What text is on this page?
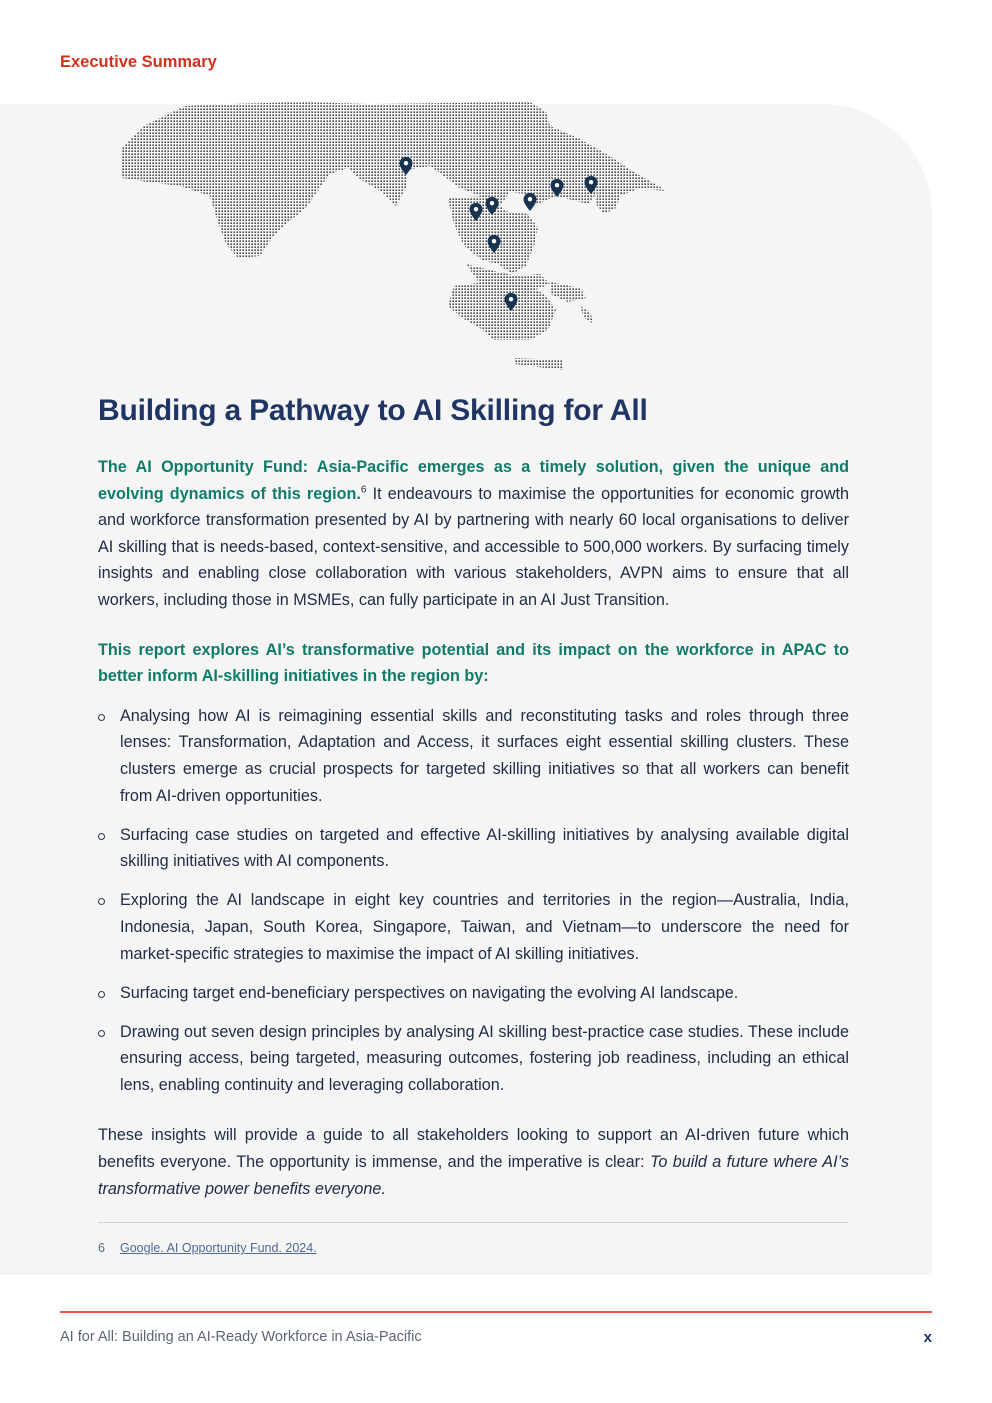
Executive Summary
Building a Pathway to AI Skilling for All

The AI Opportunity Fund: Asia-Pacific emerges as a timely solution, given the unique and evolving dynamics of this region.$^6$ It endeavours to maximise the opportunities for economic growth and workforce transformation presented by AI by partnering with nearly 60 local organisations to deliver AI skilling that is needs-based, context-sensitive, and accessible to 500,000 workers. By surfacing timely insights and enabling close collaboration with various stakeholders, AVPN aims to ensure that all workers, including those in MSMEs, can fully participate in an AI Just Transition.

This report explores AI’s transformative potential and its impact on the workforce in APAC to better inform AI-skilling initiatives in the region by:

Analysing how AI is reimagining essential skills and reconstituting tasks and roles through three lenses: Transformation, Adaptation and Access, it surfaces eight essential skilling clusters. These clusters emerge as crucial prospects for targeted skilling initiatives so that all workers can benefit from AI-driven opportunities.
Surfacing case studies on targeted and effective AI-skilling initiatives by analysing available digital skilling initiatives with AI components.
Exploring the AI landscape in eight key countries and territories in the region—Australia, India, Indonesia, Japan, South Korea, Singapore, Taiwan, and Vietnam—to underscore the need for market-specific strategies to maximise the impact of AI skilling initiatives.
Surfacing target end-beneficiary perspectives on navigating the evolving AI landscape.
Drawing out seven design principles by analysing AI skilling best-practice case studies. These include ensuring access, being targeted, measuring outcomes, fostering job readiness, including an ethical lens, enabling continuity and leveraging collaboration.

These insights will provide a guide to all stakeholders looking to support an AI-driven future which benefits everyone. The opportunity is immense, and the imperative is clear: To build a future where AI’s transformative power benefits everyone.

6 Google. AI Opportunity Fund. 2024.
AI for All: Building an AI-Ready Workforce in Asia-Pacific	x
